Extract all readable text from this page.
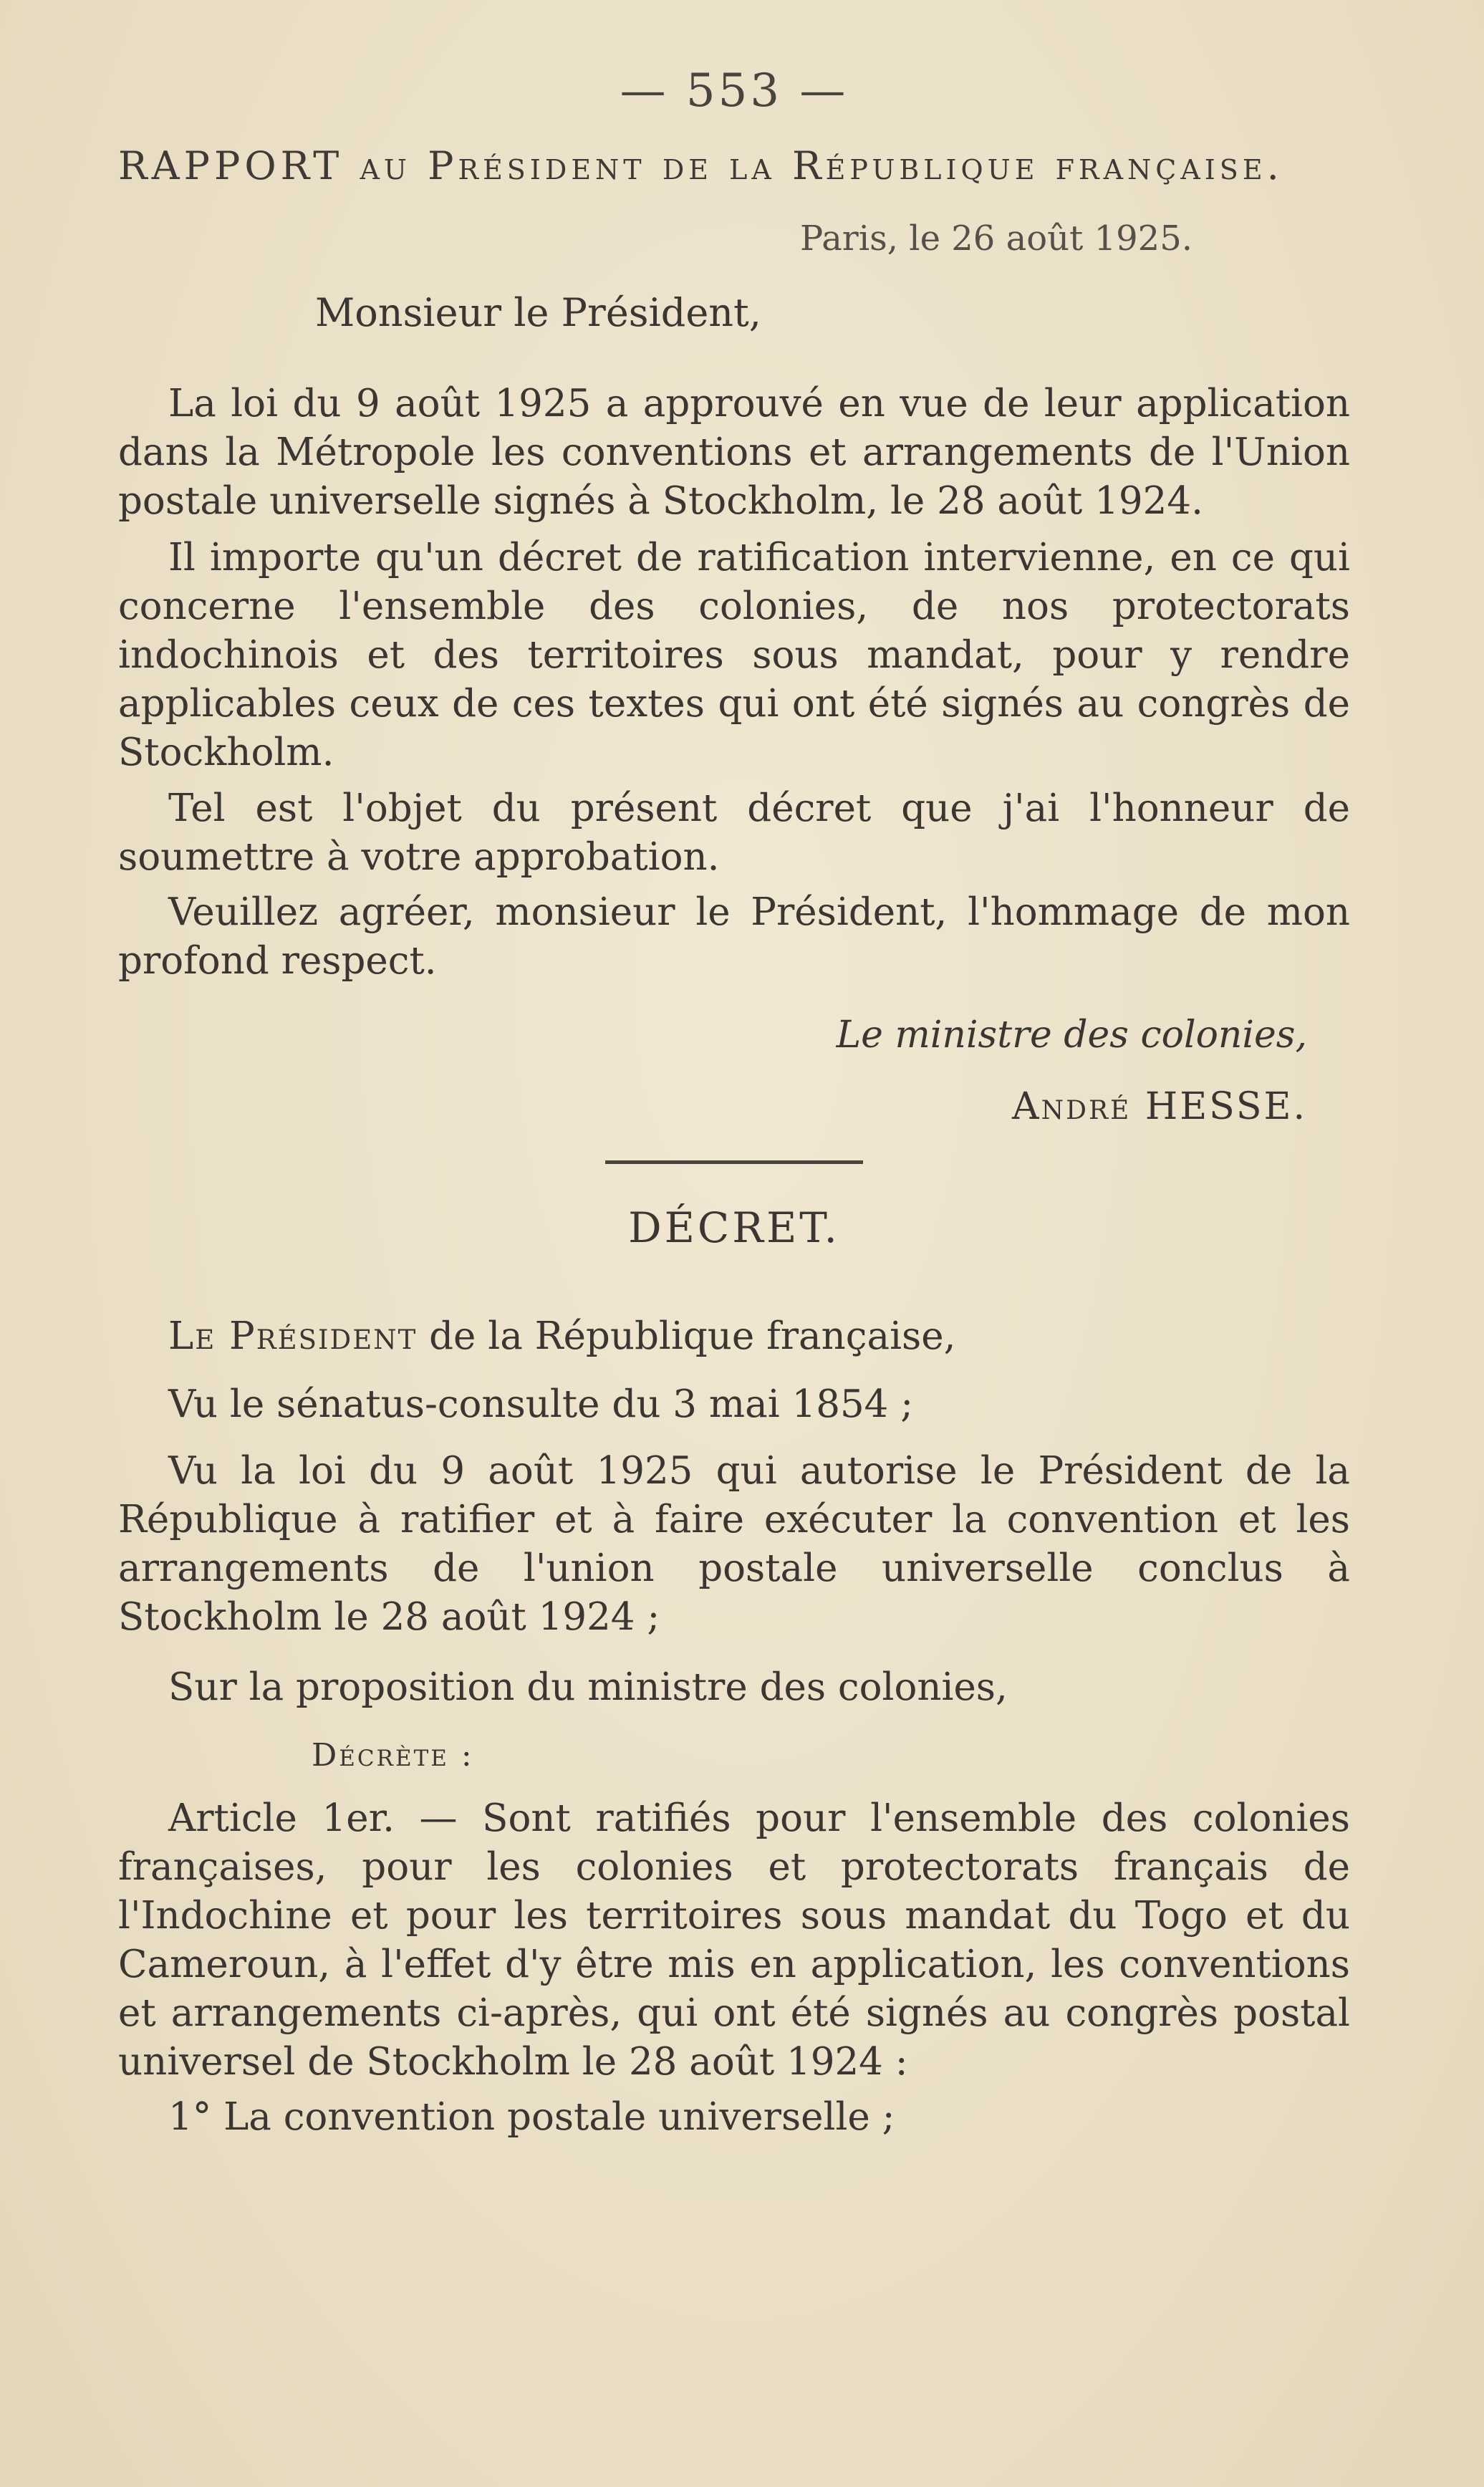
— 553 —
RAPPORT au Président de la République française.
Paris, le 26 août 1925.
Monsieur le Président,

La loi du 9 août 1925 a approuvé en vue de leur application dans la Métropole les conventions et arrangements de l'Union postale universelle signés à Stockholm, le 28 août 1924.

Il importe qu'un décret de ratification intervienne, en ce qui concerne l'ensemble des colonies, de nos protectorats indochinois et des territoires sous mandat, pour y rendre applicables ceux de ces textes qui ont été signés au congrès de Stockholm.

Tel est l'objet du présent décret que j'ai l'honneur de soumettre à votre approbation.

Veuillez agréer, monsieur le Président, l'hommage de mon profond respect.

Le ministre des colonies,
André HESSE.
DÉCRET.

Le Président de la République française,

Vu le sénatus-consulte du 3 mai 1854 ;

Vu la loi du 9 août 1925 qui autorise le Président de la République à ratifier et à faire exécuter la convention et les arrangements de l'union postale universelle conclus à Stockholm le 28 août 1924 ;

Sur la proposition du ministre des colonies,

Décrète :

Article 1er. — Sont ratifiés pour l'ensemble des colonies françaises, pour les colonies et protectorats français de l'Indochine et pour les territoires sous mandat du Togo et du Cameroun, à l'effet d'y être mis en application, les conventions et arrangements ci-après, qui ont été signés au congrès postal universel de Stockholm le 28 août 1924 :

1° La convention postale universelle ;
